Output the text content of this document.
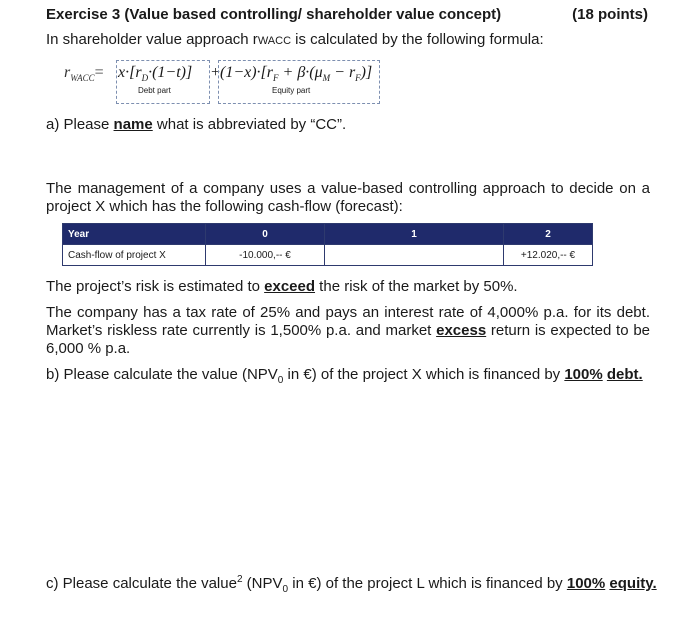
Exercise 3 (Value based controlling/ shareholder value concept)	(18 points)
In shareholder value approach rWACC is calculated by the following formula:
$r_{WACC}= x\cdot[r_D\cdot(1-t)]$
Debt part
+ $(1-x)\cdot[r_F + \beta\cdot(\mu_M - r_F)]$
Equity part
a) Please name what is abbreviated by “CC”.
The management of a company uses a value-based controlling approach to decide on a project X which has the following cash-flow (forecast):
Year	0	1	2
Cash-flow of project X	-10.000,-- €		+12.020,-- €
The project’s risk is estimated to exceed the risk of the market by 50%.
The company has a tax rate of 25% and pays an interest rate of 4,000% p.a. for its debt. Market’s riskless rate currently is 1,500% p.a. and market excess return is expected to be 6,000 % p.a.
b) Please calculate the value ($NPV_0$ in €) of the project X which is financed by 100% debt.
c) Please calculate the value$^2$ ($NPV_0$ in €) of the project L which is financed by 100% equity.
